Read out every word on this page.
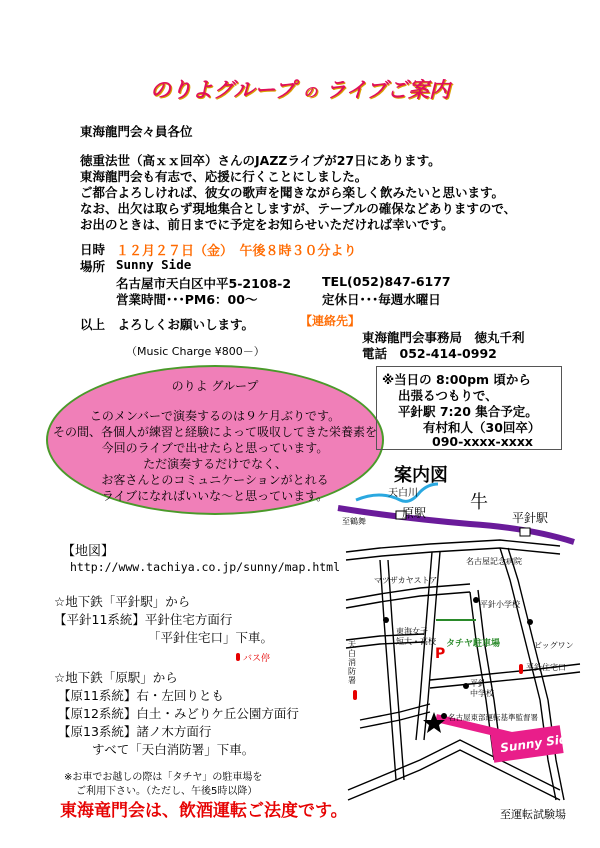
のりよグループ の ライブご案内
東海龍門会々員各位
徳重法世（高ｘｘ回卒）さんのJAZZライブが27日にあります。
東海龍門会も有志で、応援に行くことにしました。
ご都合よろしければ、彼女の歌声を聞きながら楽しく飲みたいと思います。
なお、出欠は取らず現地集合としますが、テーブルの確保などありますので、
お出のときは、前日までに予定をお知らせいただければ幸いです。
日時 １２月２７日（金）　午後８時３０分より
場所 Sunny Side
名古屋市天白区中平5-2108-2 TEL(052)847-6177
営業時間･･･PM6：00～	定休日･･･毎週水曜日
以上　よろしくお願いします。	【連絡先】
東海龍門会事務局　徳丸千利
電話　052-414-0992
（Music Charge ¥800－）
のりよ グループ
このメンバーで演奏するのは９ケ月ぶりです。
その間、各個人が練習と経験によって吸収してきた栄養素を
今回のライブで出せたらと思っています。
ただ演奏するだけでなく、
お客さんとのコミュニケーションがとれる
ライブになればいいな～と思っています。
※当日の 8:00pm 頃から
出張るつもりで、
平針駅 7:20 集合予定。
有村和人（30回卒）
090-xxxx-xxxx
【地図】
http://www.tachiya.co.jp/sunny/map.html
☆地下鉄「平針駅」から
【平針11系統】平針住宅方面行
「平針住宅口」下車。
バス停
☆地下鉄「原駅」から
【原11系統】右・左回りとも
【原12系統】白土・みどりケ丘公園方面行
【原13系統】諸ノ木方面行
すべて「天白消防署」下車。
※お車でお越しの際は「タチヤ」の駐車場を
ご利用下さい。（ただし、午後5時以降）
東海竜門会は、飲酒運転ご法度です。
案内図
天白川	牛
原駅	平針駅
至鶴舞
名古屋記念病院
マツザカヤストア
平針小学校
東海女子
短大・高校 タチヤ駐車場	ビッグワン
P
平針住宅口
天白消防署	平針
中学校
名古屋東部運転基準監督署
Sunny Side
至運転試験場
